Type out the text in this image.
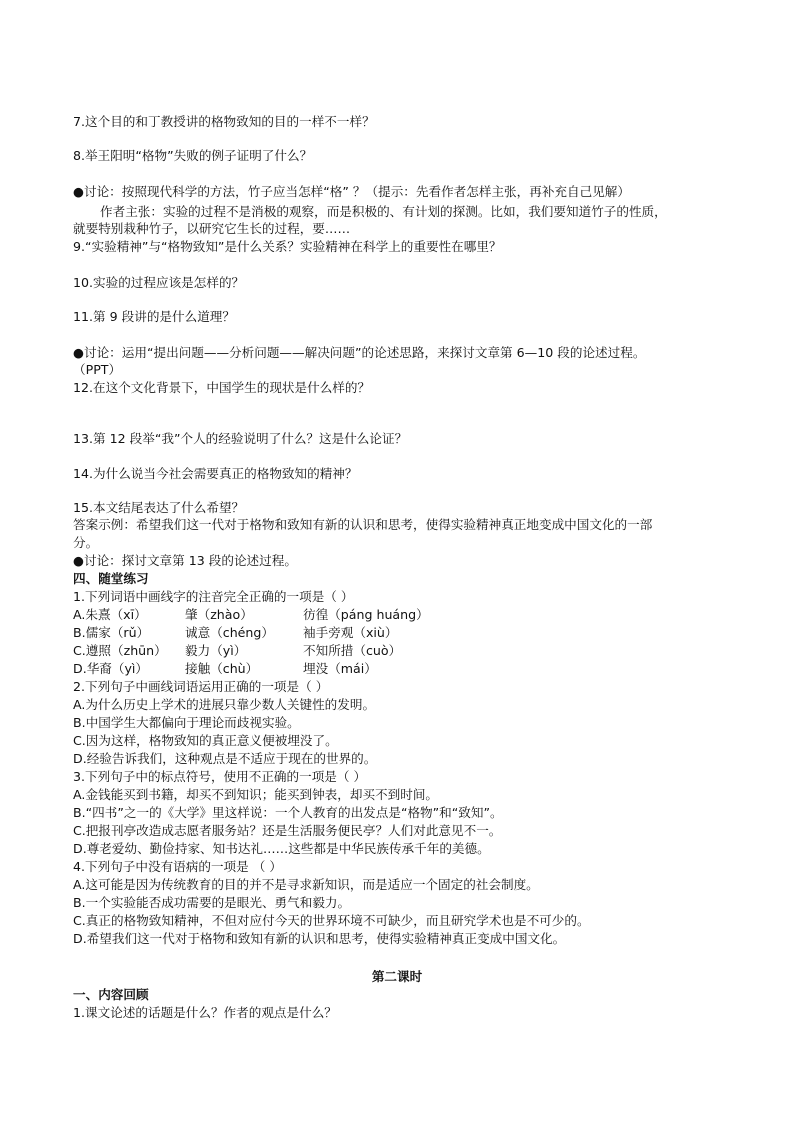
7.这个目的和丁教授讲的格物致知的目的一样不一样？
8.举王阳明“格物”失败的例子证明了什么？
●讨论：按照现代科学的方法，竹子应当怎样“格” ？（提示：先看作者怎样主张，再补充自己见解）
作者主张：实验的过程不是消极的观察，而是积极的、有计划的探测。比如，我们要知道竹子的性质，
就要特别栽种竹子，以研究它生长的过程，要……
9.“实验精神”与“格物致知”是什么关系？实验精神在科学上的重要性在哪里？
10.实验的过程应该是怎样的？
11.第 9 段讲的是什么道理？
●讨论：运用“提出问题——分析问题——解决问题”的论述思路，来探讨文章第 6—10 段的论述过程。
（PPT）
12.在这个文化背景下，中国学生的现状是什么样的？
13.第 12 段举“我”个人的经验说明了什么？这是什么论证？
14.为什么说当今社会需要真正的格物致知的精神？
15.本文结尾表达了什么希望？
答案示例：希望我们这一代对于格物和致知有新的认识和思考，使得实验精神真正地变成中国文化的一部
分。
●讨论：探讨文章第 13 段的论述过程。
四、随堂练习
1.下列词语中画线字的注音完全正确的一项是（ ）
A.朱熹（xī）	肇（zhào）	彷徨（páng huáng）
B.儒家（rǔ）	诚意（chéng） 袖手旁观（xiù）
C.遵照（zhūn） 毅力（yì）	不知所措（cuò）
D.华裔（yì）	接触（chù）	埋没（mái）
2.下列句子中画线词语运用正确的一项是（ ）
A.为什么历史上学术的进展只靠少数人关键性的发明。
B.中国学生大都偏向于理论而歧视实验。
C.因为这样，格物致知的真正意义便被埋没了。
D.经验告诉我们，这种观点是不适应于现在的世界的。
3.下列句子中的标点符号，使用不正确的一项是（ ）
A.金钱能买到书籍，却买不到知识；能买到钟表，却买不到时间。
B.“四书”之一的《大学》里这样说：一个人教育的出发点是“格物”和“致知”。
C.把报刊亭改造成志愿者服务站？还是生活服务便民亭？人们对此意见不一。
D.尊老爱幼、勤俭持家、知书达礼……这些都是中华民族传承千年的美德。
4.下列句子中没有语病的一项是 （ ）
A.这可能是因为传统教育的目的并不是寻求新知识，而是适应一个固定的社会制度。
B.一个实验能否成功需要的是眼光、勇气和毅力。
C.真正的格物致知精神，不但对应付今天的世界环境不可缺少，而且研究学术也是不可少的。
D.希望我们这一代对于格物和致知有新的认识和思考，使得实验精神真正变成中国文化。
第二课时
一、内容回顾
1.课文论述的话题是什么？作者的观点是什么？
